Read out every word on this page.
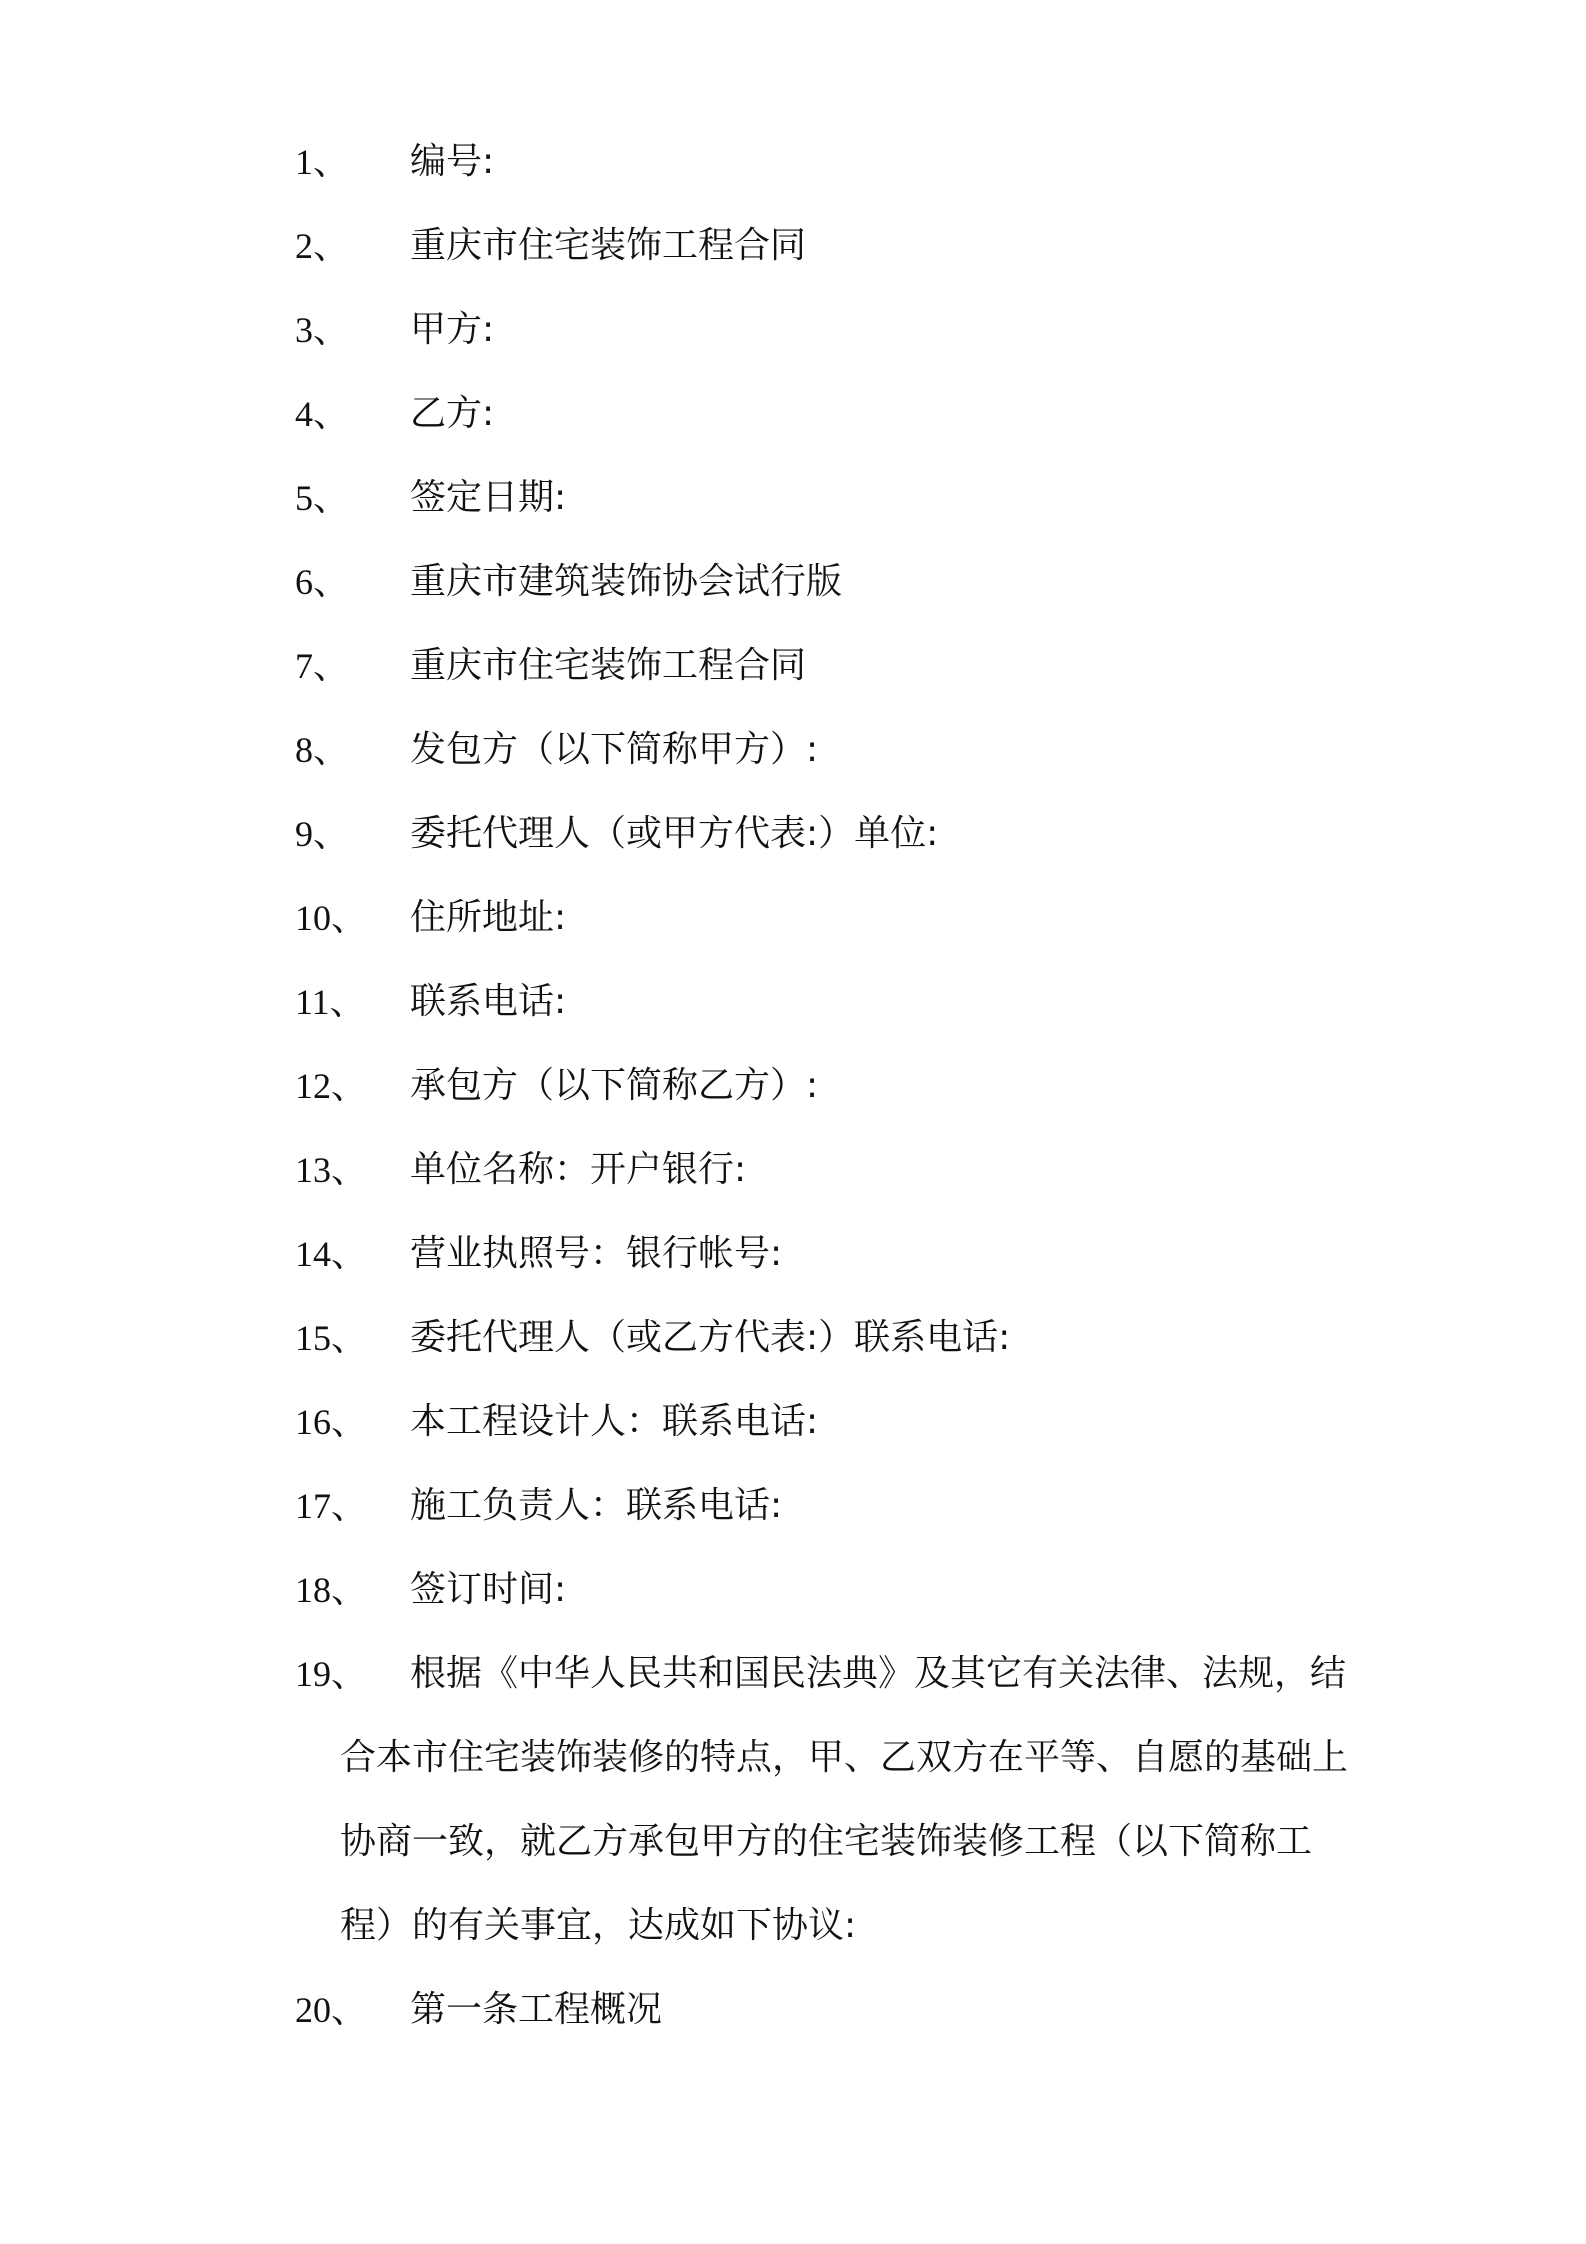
1、 编号:
2、 重庆市住宅装饰工程合同
3、 甲方:
4、 乙方:
5、 签定日期:
6、 重庆市建筑装饰协会试行版
7、 重庆市住宅装饰工程合同
8、 发包方（以下简称甲方）:
9、 委托代理人（或甲方代表:）单位:
10、 住所地址:
11、 联系电话:
12、 承包方（以下简称乙方）:
13、 单位名称：开户银行:
14、 营业执照号：银行帐号:
15、 委托代理人（或乙方代表:）联系电话:
16、 本工程设计人：联系电话:
17、 施工负责人：联系电话:
18、 签订时间:
19、	根据《中华人民共和国民法典》及其它有关法律、法规，结合本市住宅装饰装修的特点，甲、乙双方在平等、自愿的基础上协商一致，就乙方承包甲方的住宅装饰装修工程（以下简称工程）的有关事宜，达成如下协议:
20、 第一条工程概况
